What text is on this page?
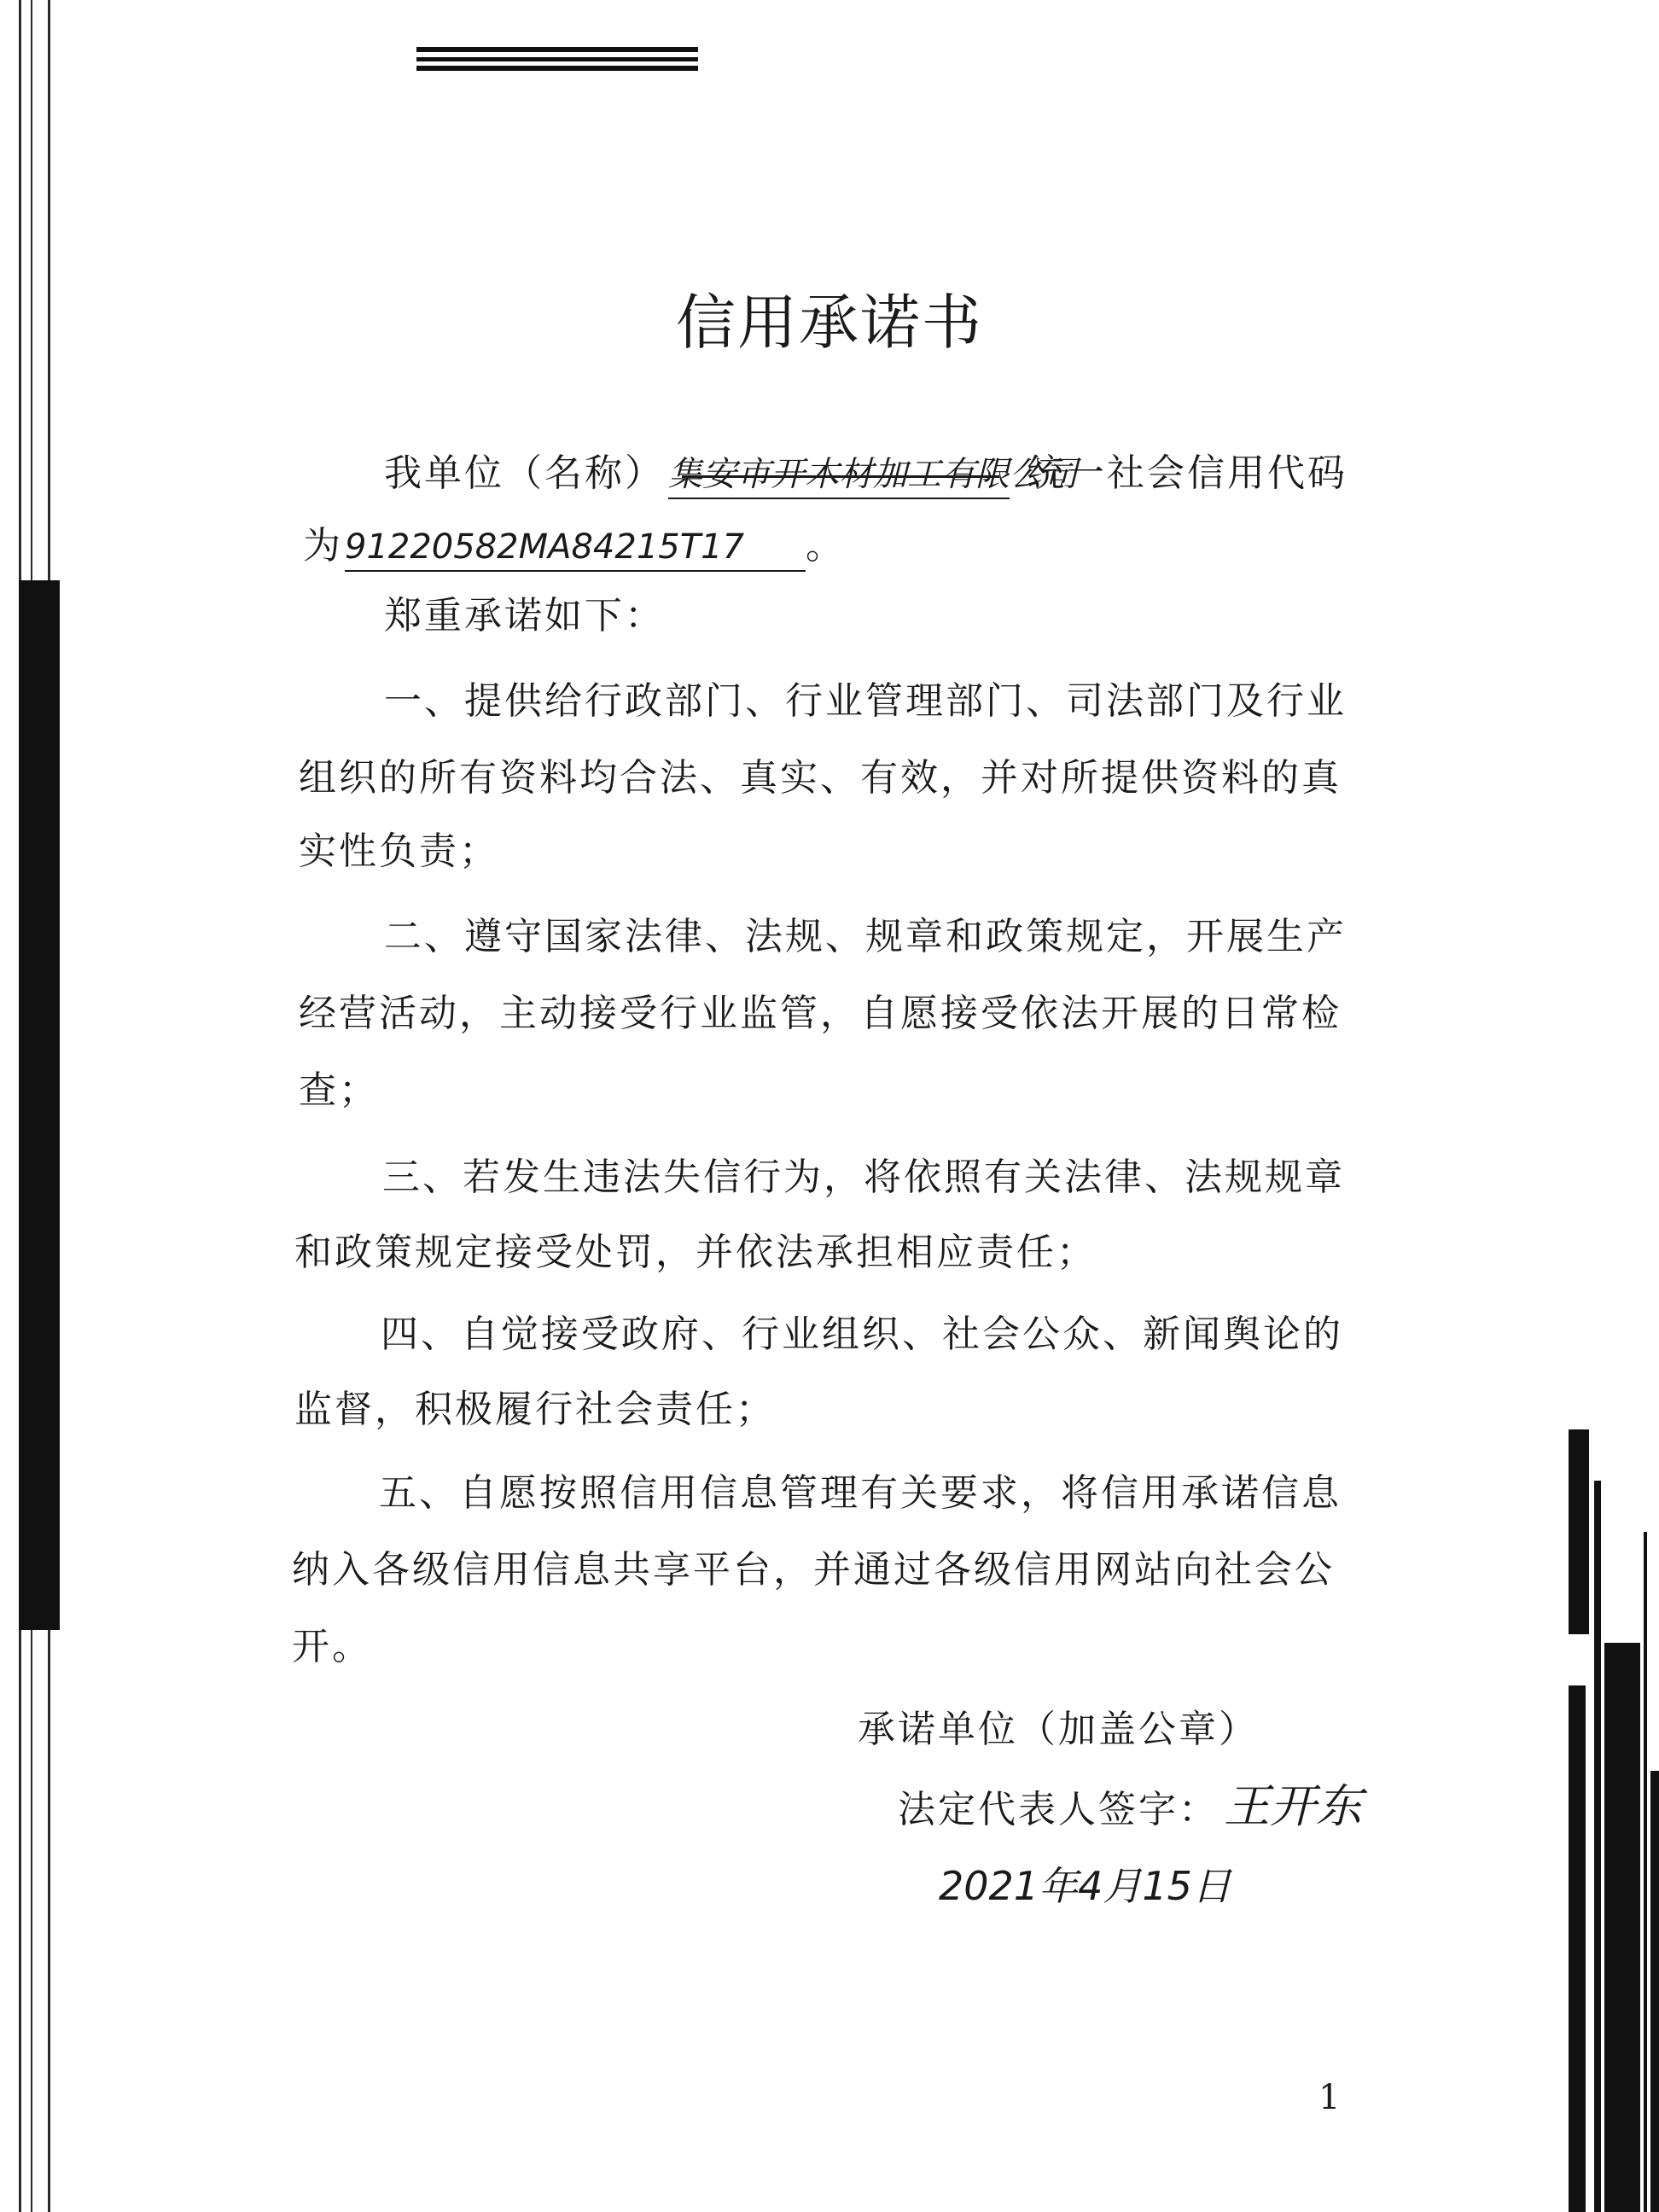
信用承诺书
我单位（名称） 集安市开木材加工有限公司
统一社会信用代码
为91220582MA84215T17 。
郑重承诺如下：
一、提供给行政部门、行业管理部门、司法部门及行业
组织的所有资料均合法、真实、有效，并对所提供资料的真
实性负责；
二、遵守国家法律、法规、规章和政策规定，开展生产
经营活动，主动接受行业监管，自愿接受依法开展的日常检
查；
三、若发生违法失信行为，将依照有关法律、法规规章
和政策规定接受处罚，并依法承担相应责任；
四、自觉接受政府、行业组织、社会公众、新闻舆论的
监督，积极履行社会责任；
五、自愿按照信用信息管理有关要求，将信用承诺信息
纳入各级信用信息共享平台，并通过各级信用网站向社会公
开。
承诺单位（加盖公章）
法定代表人签字： 王开东
2021年4月15日
1
